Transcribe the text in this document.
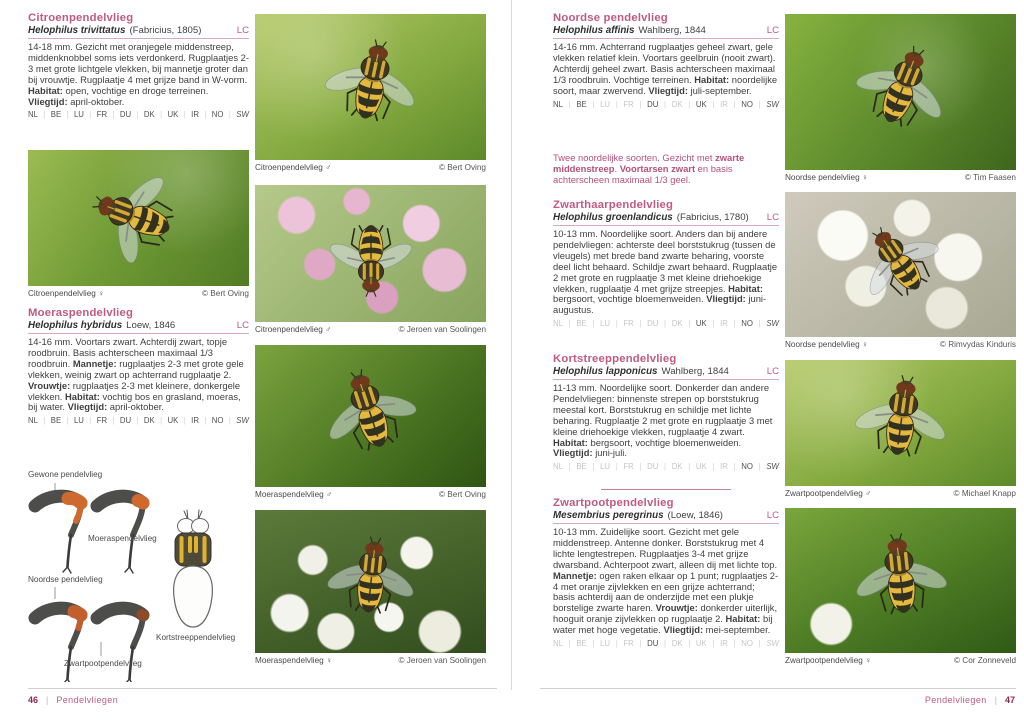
Citroenpendelvlieg
Helophilus trivittatus (Fabricius, 1805)	LC

14-18 mm. Gezicht met oranjegele middenstreep, middenknobbel soms iets verdonkerd. Rugplaatjes 2-3 met grote lichtgele vlekken, bij mannetje groter dan bij vrouwtje. Rugplaatje 4 met grijze band in W-vorm. Habitat: open, vochtige en droge terreinen. Vliegtijd: april-oktober.

NL | BE | LU | FR | DU | DK | UK | IR | NO | SW
Citroenpendelvlieg ♀	© Bert Oving
Moeraspendelvlieg
Helophilus hybridus Loew, 1846	LC

14-16 mm. Voortars zwart. Achterdij zwart, topje roodbruin. Basis achterscheen maximaal 1/3 roodbruin. Mannetje: rugplaatjes 2-3 met grote gele vlekken, weinig zwart op achterrand rugplaatje 2. Vrouwtje: rugplaatjes 2-3 met kleinere, donkergele vlekken. Habitat: vochtig bos en grasland, moeras, bij water. Vliegtijd: april-oktober.

NL | BE | LU | FR | DU | DK | UK | IR | NO | SW
Gewone pendelvlieg
Moeraspendelvlieg
Noordse pendelvlieg
Zwartpootpendelvlieg
Kortstreeppendelvlieg
Citroenpendelvlieg ♂	© Bert Oving
Citroenpendelvlieg ♂	© Jeroen van Soolingen
Moeraspendelvlieg ♂	© Bert Oving
Moeraspendelvlieg ♀	© Jeroen van Soolingen
Noordse pendelvlieg
Helophilus affinis Wahlberg, 1844	LC

14-16 mm. Achterrand rugplaatjes geheel zwart, gele vlekken relatief klein. Voortars geelbruin (nooit zwart). Achterdij geheel zwart. Basis achterscheen maximaal 1/3 roodbruin. Vochtige terreinen. Habitat: noordelijke soort, maar zwervend. Vliegtijd: juli-september.

NL | BE | LU | FR | DU | DK | UK | IR | NO | SW

Twee noordelijke soorten. Gezicht met zwarte middenstreep. Voortarsen zwart en basis achterscheen maximaal 1/3 geel.

Zwarthaarpendelvlieg
Helophilus groenlandicus (Fabricius, 1780)	LC

10-13 mm. Noordelijke soort. Anders dan bij andere pendelvliegen: achterste deel borststukrug (tussen de vleugels) met brede band zwarte beharing, voorste deel licht behaard. Schildje zwart behaard. Rugplaatje 2 met grote en rugplaatje 3 met kleine driehoekige vlekken, rugplaatje 4 met grijze streepjes. Habitat: bergsoort, vochtige bloemenweiden. Vliegtijd: juni-augustus.

NL | BE | LU | FR | DU | DK | UK | IR | NO | SW
Kortstreeppendelvlieg
Helophilus lapponicus Wahlberg, 1844	LC

11-13 mm. Noordelijke soort. Donkerder dan andere Pendelvliegen: binnenste strepen op borststukrug meestal kort. Borststukrug en schildje met lichte beharing. Rugplaatje 2 met grote en rugplaatje 3 met kleine driehoekige vlekken, rugplaatje 4 zwart. Habitat: bergsoort, vochtige bloemenweiden. Vliegtijd: juni-juli.

NL | BE | LU | FR | DU | DK | UK | IR | NO | SW
Zwartpootpendelvlieg
Mesembrius peregrinus (Loew, 1846)	LC

10-13 mm. Zuidelijke soort. Gezicht met gele middenstreep. Antenne donker. Borststukrug met 4 lichte lengtestrepen. Rugplaatjes 3-4 met grijze dwarsband. Achterpoot zwart, alleen dij met lichte top. Mannetje: ogen raken elkaar op 1 punt; rugplaatjes 2-4 met oranje zijvlekken en een grijze achterrand; basis achterdij aan de onderzijde met een plukje borstelige zwarte haren. Vrouwtje: donkerder uiterlijk, hooguit oranje zijvlekken op rugplaatje 2. Habitat: bij water met hoge vegetatie. Vliegtijd: mei-september.

NL | BE | LU | FR | DU | DK | UK | IR | NO | SW
Noordse pendelvlieg ♀	© Tim Faasen
Noordse pendelvlieg ♀	© Rimvydas Kinduris
Zwartpootpendelvlieg ♂	© Michael Knapp
Zwartpootpendelvlieg ♀	© Cor Zonneveld
46 | Pendelvliegen	Pendelvliegen | 47
